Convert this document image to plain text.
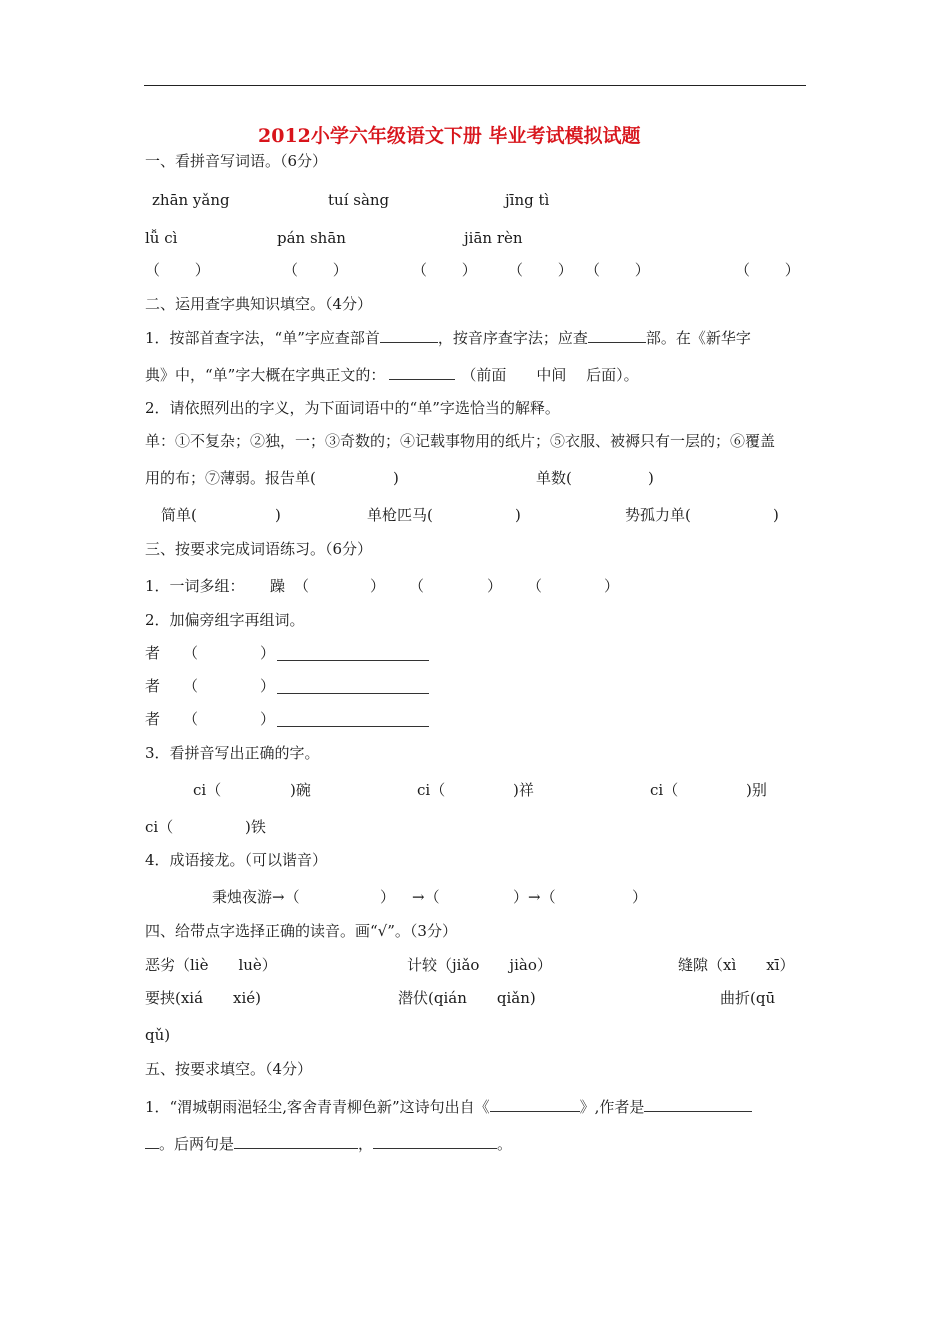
2012小学六年级语文下册 毕业考试模拟试题
一、看拼音写词语。（6分）
zhān yǎng	tuí sàng	jīng tì
lǚ cì	pán shān	jiān rèn
（ ）	（ ）	（ ） （ ） （ ）	（ ）
二、运用查字典知识填空。（4分）
1．按部首查字法，“单”字应查部首	，按音序查字法；应查	部。在《新华字
典》中，“单”字大概在字典正文的：	（前面　　中间　 后面）。
2．请依照列出的字义，为下面词语中的“单”字选恰当的解释。
单：①不复杂；②独，一；③奇数的；④记载事物用的纸片；⑤衣服、被褥只有一层的；⑥覆盖
用的布；⑦薄弱。报告单(	)	单数(	)
简单(	)	单枪匹马(	)	势孤力单(	)
三、按要求完成词语练习。（6分）
1．一词多组： 躁 （	） （	） （	）
2．加偏旁组字再组词。
者 （	）
者 （	）
者 （	）
3．看拼音写出正确的字。
ci（	)碗	ci（	)祥	ci（	)别
ci（	)铁
4．成语接龙。（可以谐音）
秉烛夜游→（	） →（	）→（	）
四、给带点字选择正确的读音。画“√”。（3分）
恶劣（liè　　luè）	计较（jiǎo　　jiào）	缝隙（xì　　xī）
要挟(xiá　　xié)	潜伏(qián　　qiǎn)	曲折(qū
qǔ)
五、按要求填空。（4分）
1．“渭城朝雨浥轻尘,客舍青青柳色新”这诗句出自《	》,作者是
。后两句是	，	。
